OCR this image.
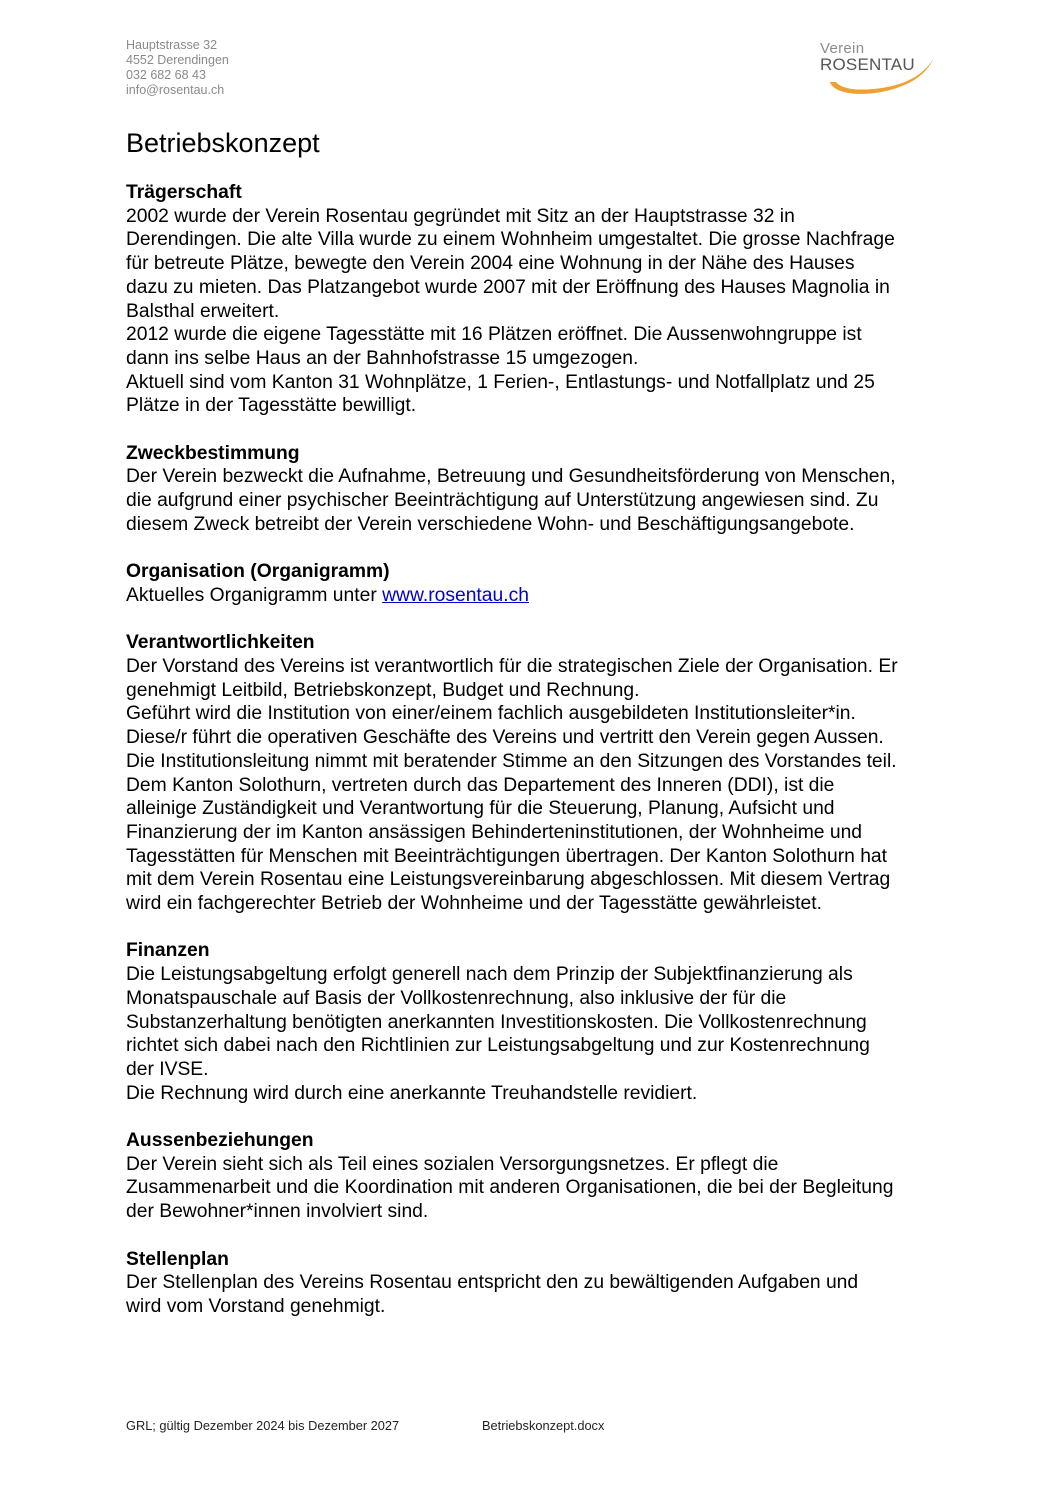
Hauptstrasse 32
4552 Derendingen
032 682 68 43
info@rosentau.ch
Verein
ROSENTAU
Betriebskonzept
Trägerschaft
2002 wurde der Verein Rosentau gegründet mit Sitz an der Hauptstrasse 32 in
Derendingen. Die alte Villa wurde zu einem Wohnheim umgestaltet. Die grosse Nachfrage
für betreute Plätze, bewegte den Verein 2004 eine Wohnung in der Nähe des Hauses
dazu zu mieten. Das Platzangebot wurde 2007 mit der Eröffnung des Hauses Magnolia in
Balsthal erweitert.
2012 wurde die eigene Tagesstätte mit 16 Plätzen eröffnet. Die Aussenwohngruppe ist
dann ins selbe Haus an der Bahnhofstrasse 15 umgezogen.
Aktuell sind vom Kanton 31 Wohnplätze, 1 Ferien-, Entlastungs- und Notfallplatz und 25
Plätze in der Tagesstätte bewilligt.
Zweckbestimmung
Der Verein bezweckt die Aufnahme, Betreuung und Gesundheitsförderung von Menschen,
die aufgrund einer psychischer Beeinträchtigung auf Unterstützung angewiesen sind. Zu
diesem Zweck betreibt der Verein verschiedene Wohn- und Beschäftigungsangebote.
Organisation (Organigramm)
Aktuelles Organigramm unter www.rosentau.ch
Verantwortlichkeiten
Der Vorstand des Vereins ist verantwortlich für die strategischen Ziele der Organisation. Er
genehmigt Leitbild, Betriebskonzept, Budget und Rechnung.
Geführt wird die Institution von einer/einem fachlich ausgebildeten Institutionsleiter*in.
Diese/r führt die operativen Geschäfte des Vereins und vertritt den Verein gegen Aussen.
Die Institutionsleitung nimmt mit beratender Stimme an den Sitzungen des Vorstandes teil.
Dem Kanton Solothurn, vertreten durch das Departement des Inneren (DDI), ist die
alleinige Zuständigkeit und Verantwortung für die Steuerung, Planung, Aufsicht und
Finanzierung der im Kanton ansässigen Behinderteninstitutionen, der Wohnheime und
Tagesstätten für Menschen mit Beeinträchtigungen übertragen. Der Kanton Solothurn hat
mit dem Verein Rosentau eine Leistungsvereinbarung abgeschlossen. Mit diesem Vertrag
wird ein fachgerechter Betrieb der Wohnheime und der Tagesstätte gewährleistet.
Finanzen
Die Leistungsabgeltung erfolgt generell nach dem Prinzip der Subjektfinanzierung als
Monatspauschale auf Basis der Vollkostenrechnung, also inklusive der für die
Substanzerhaltung benötigten anerkannten Investitionskosten. Die Vollkostenrechnung
richtet sich dabei nach den Richtlinien zur Leistungsabgeltung und zur Kostenrechnung
der IVSE.
Die Rechnung wird durch eine anerkannte Treuhandstelle revidiert.
Aussenbeziehungen
Der Verein sieht sich als Teil eines sozialen Versorgungsnetzes. Er pflegt die
Zusammenarbeit und die Koordination mit anderen Organisationen, die bei der Begleitung
der Bewohner*innen involviert sind.
Stellenplan
Der Stellenplan des Vereins Rosentau entspricht den zu bewältigenden Aufgaben und
wird vom Vorstand genehmigt.
GRL; gültig Dezember 2024 bis Dezember 2027	Betriebskonzept.docx
